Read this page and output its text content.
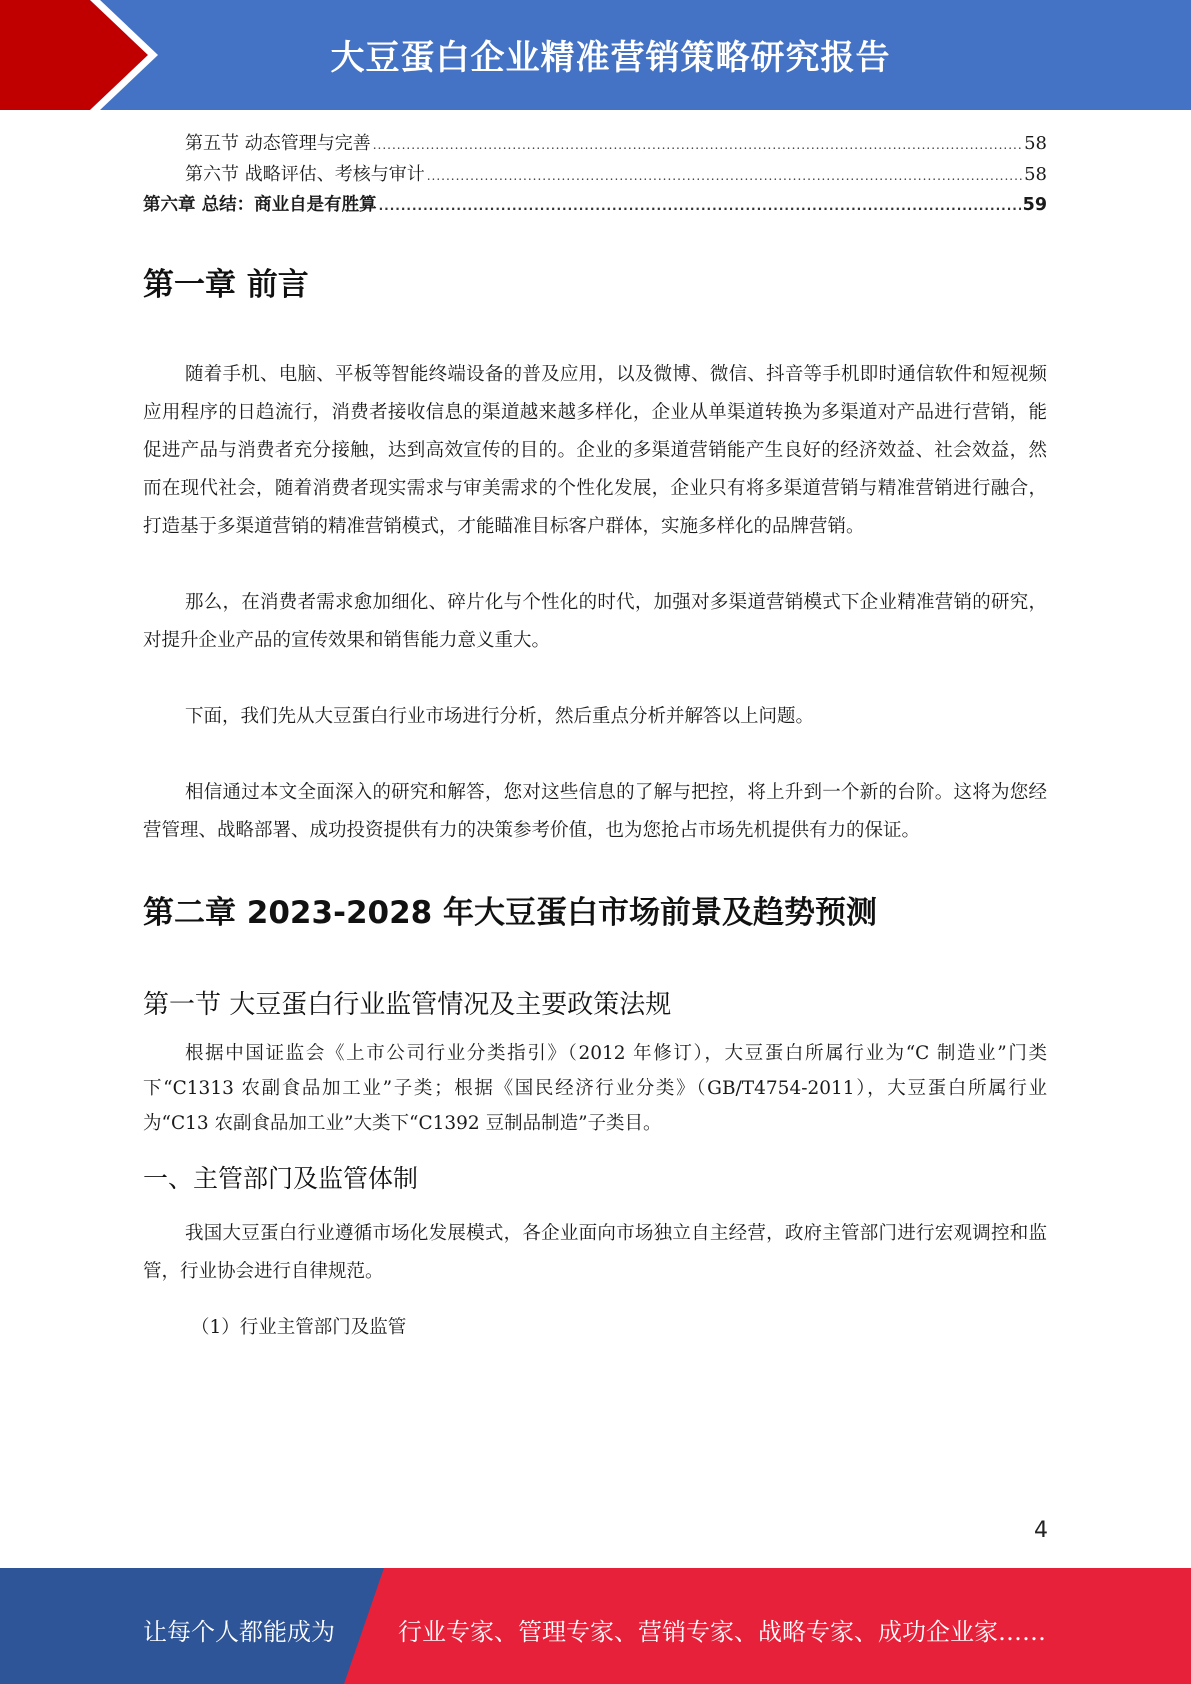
大豆蛋白企业精准营销策略研究报告
第五节 动态管理与完善 .....	58
第六节 战略评估、考核与审计 .....	58
第六章 总结：商业自是有胜算 .....	59
第一章 前言

随着手机、电脑、平板等智能终端设备的普及应用，以及微博、微信、抖音等手机即时通信软件和短视频应用程序的日趋流行，消费者接收信息的渠道越来越多样化，企业从单渠道转换为多渠道对产品进行营销，能促进产品与消费者充分接触，达到高效宣传的目的。企业的多渠道营销能产生良好的经济效益、社会效益，然而在现代社会，随着消费者现实需求与审美需求的个性化发展，企业只有将多渠道营销与精准营销进行融合，打造基于多渠道营销的精准营销模式，才能瞄准目标客户群体，实施多样化的品牌营销。

那么，在消费者需求愈加细化、碎片化与个性化的时代，加强对多渠道营销模式下企业精准营销的研究，对提升企业产品的宣传效果和销售能力意义重大。

下面，我们先从大豆蛋白行业市场进行分析，然后重点分析并解答以上问题。

相信通过本文全面深入的研究和解答，您对这些信息的了解与把控，将上升到一个新的台阶。这将为您经营管理、战略部署、成功投资提供有力的决策参考价值，也为您抢占市场先机提供有力的保证。

第二章 2023-2028 年大豆蛋白市场前景及趋势预测
第一节 大豆蛋白行业监管情况及主要政策法规

根据中国证监会《上市公司行业分类指引》（2012 年修订），大豆蛋白所属行业为“C 制造业”门类下“C1313 农副食品加工业”子类；根据《国民经济行业分类》（GB/T4754-2011），大豆蛋白所属行业为“C13 农副食品加工业”大类下“C1392 豆制品制造”子类目。

一、主管部门及监管体制

我国大豆蛋白行业遵循市场化发展模式，各企业面向市场独立自主经营，政府主管部门进行宏观调控和监管，行业协会进行自律规范。

（1）行业主管部门及监管

4
让每个人都能成为	行业专家、管理专家、营销专家、战略专家、成功企业家……
